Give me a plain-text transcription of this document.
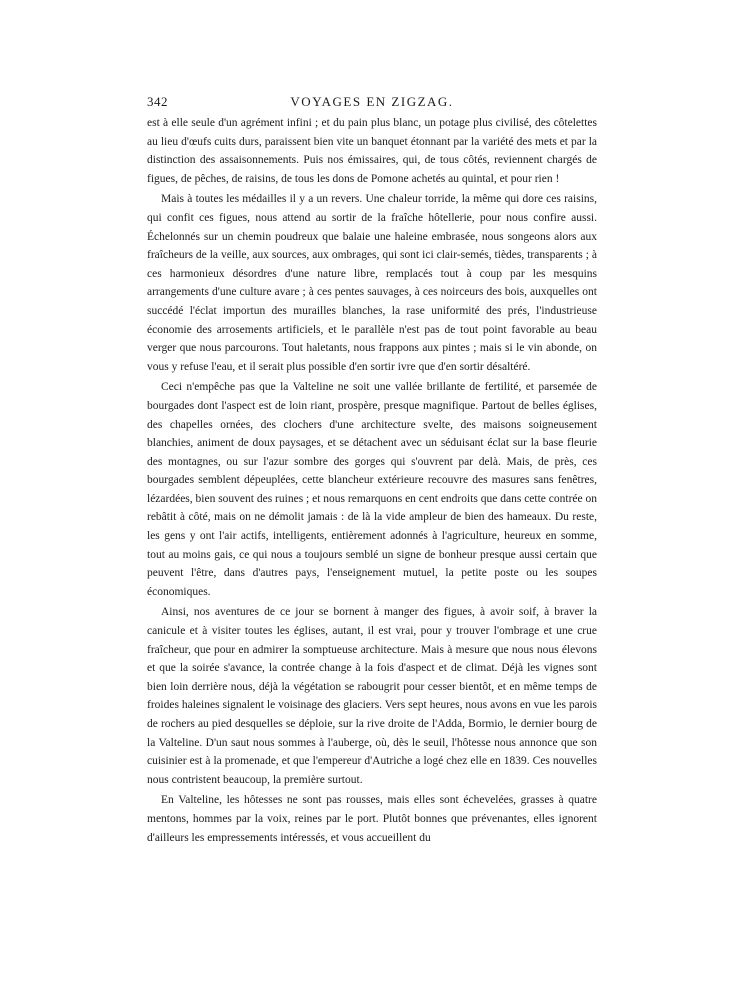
342	VOYAGES EN ZIGZAG.

est à elle seule d'un agrément infini ; et du pain plus blanc, un potage plus civilisé, des côtelettes au lieu d'œufs cuits durs, paraissent bien vite un banquet étonnant par la variété des mets et par la distinction des assaisonnements. Puis nos émissaires, qui, de tous côtés, reviennent chargés de figues, de pêches, de raisins, de tous les dons de Pomone achetés au quintal, et pour rien !

Mais à toutes les médailles il y a un revers. Une chaleur torride, la même qui dore ces raisins, qui confit ces figues, nous attend au sortir de la fraîche hôtellerie, pour nous confire aussi. Échelonnés sur un chemin poudreux que balaie une haleine embrasée, nous songeons alors aux fraîcheurs de la veille, aux sources, aux ombrages, qui sont ici clair-semés, tièdes, transparents ; à ces harmonieux désordres d'une nature libre, remplacés tout à coup par les mesquins arrangements d'une culture avare ; à ces pentes sauvages, à ces noirceurs des bois, auxquelles ont succédé l'éclat importun des murailles blanches, la rase uniformité des prés, l'industrieuse économie des arrosements artificiels, et le parallèle n'est pas de tout point favorable au beau verger que nous parcourons. Tout haletants, nous frappons aux pintes ; mais si le vin abonde, on vous y refuse l'eau, et il serait plus possible d'en sortir ivre que d'en sortir désaltéré.

Ceci n'empêche pas que la Valteline ne soit une vallée brillante de fertilité, et parsemée de bourgades dont l'aspect est de loin riant, prospère, presque magnifique. Partout de belles églises, des chapelles ornées, des clochers d'une architecture svelte, des maisons soigneusement blanchies, animent de doux paysages, et se détachent avec un séduisant éclat sur la base fleurie des montagnes, ou sur l'azur sombre des gorges qui s'ouvrent par delà. Mais, de près, ces bourgades semblent dépeuplées, cette blancheur extérieure recouvre des masures sans fenêtres, lézardées, bien souvent des ruines ; et nous remarquons en cent endroits que dans cette contrée on rebâtit à côté, mais on ne démolit jamais : de là la vide ampleur de bien des hameaux. Du reste, les gens y ont l'air actifs, intelligents, entièrement adonnés à l'agriculture, heureux en somme, tout au moins gais, ce qui nous a toujours semblé un signe de bonheur presque aussi certain que peuvent l'être, dans d'autres pays, l'enseignement mutuel, la petite poste ou les soupes économiques.

Ainsi, nos aventures de ce jour se bornent à manger des figues, à avoir soif, à braver la canicule et à visiter toutes les églises, autant, il est vrai, pour y trouver l'ombrage et une crue fraîcheur, que pour en admirer la somptueuse architecture. Mais à mesure que nous nous élevons et que la soirée s'avance, la contrée change à la fois d'aspect et de climat. Déjà les vignes sont bien loin derrière nous, déjà la végétation se rabougrit pour cesser bientôt, et en même temps de froides haleines signalent le voisinage des glaciers. Vers sept heures, nous avons en vue les parois de rochers au pied desquelles se déploie, sur la rive droite de l'Adda, Bormio, le dernier bourg de la Valteline. D'un saut nous sommes à l'auberge, où, dès le seuil, l'hôtesse nous annonce que son cuisinier est à la promenade, et que l'empereur d'Autriche a logé chez elle en 1839. Ces nouvelles nous contristent beaucoup, la première surtout.

En Valteline, les hôtesses ne sont pas rousses, mais elles sont échevelées, grasses à quatre mentons, hommes par la voix, reines par le port. Plutôt bonnes que prévenantes, elles ignorent d'ailleurs les empressements intéressés, et vous accueillent du
